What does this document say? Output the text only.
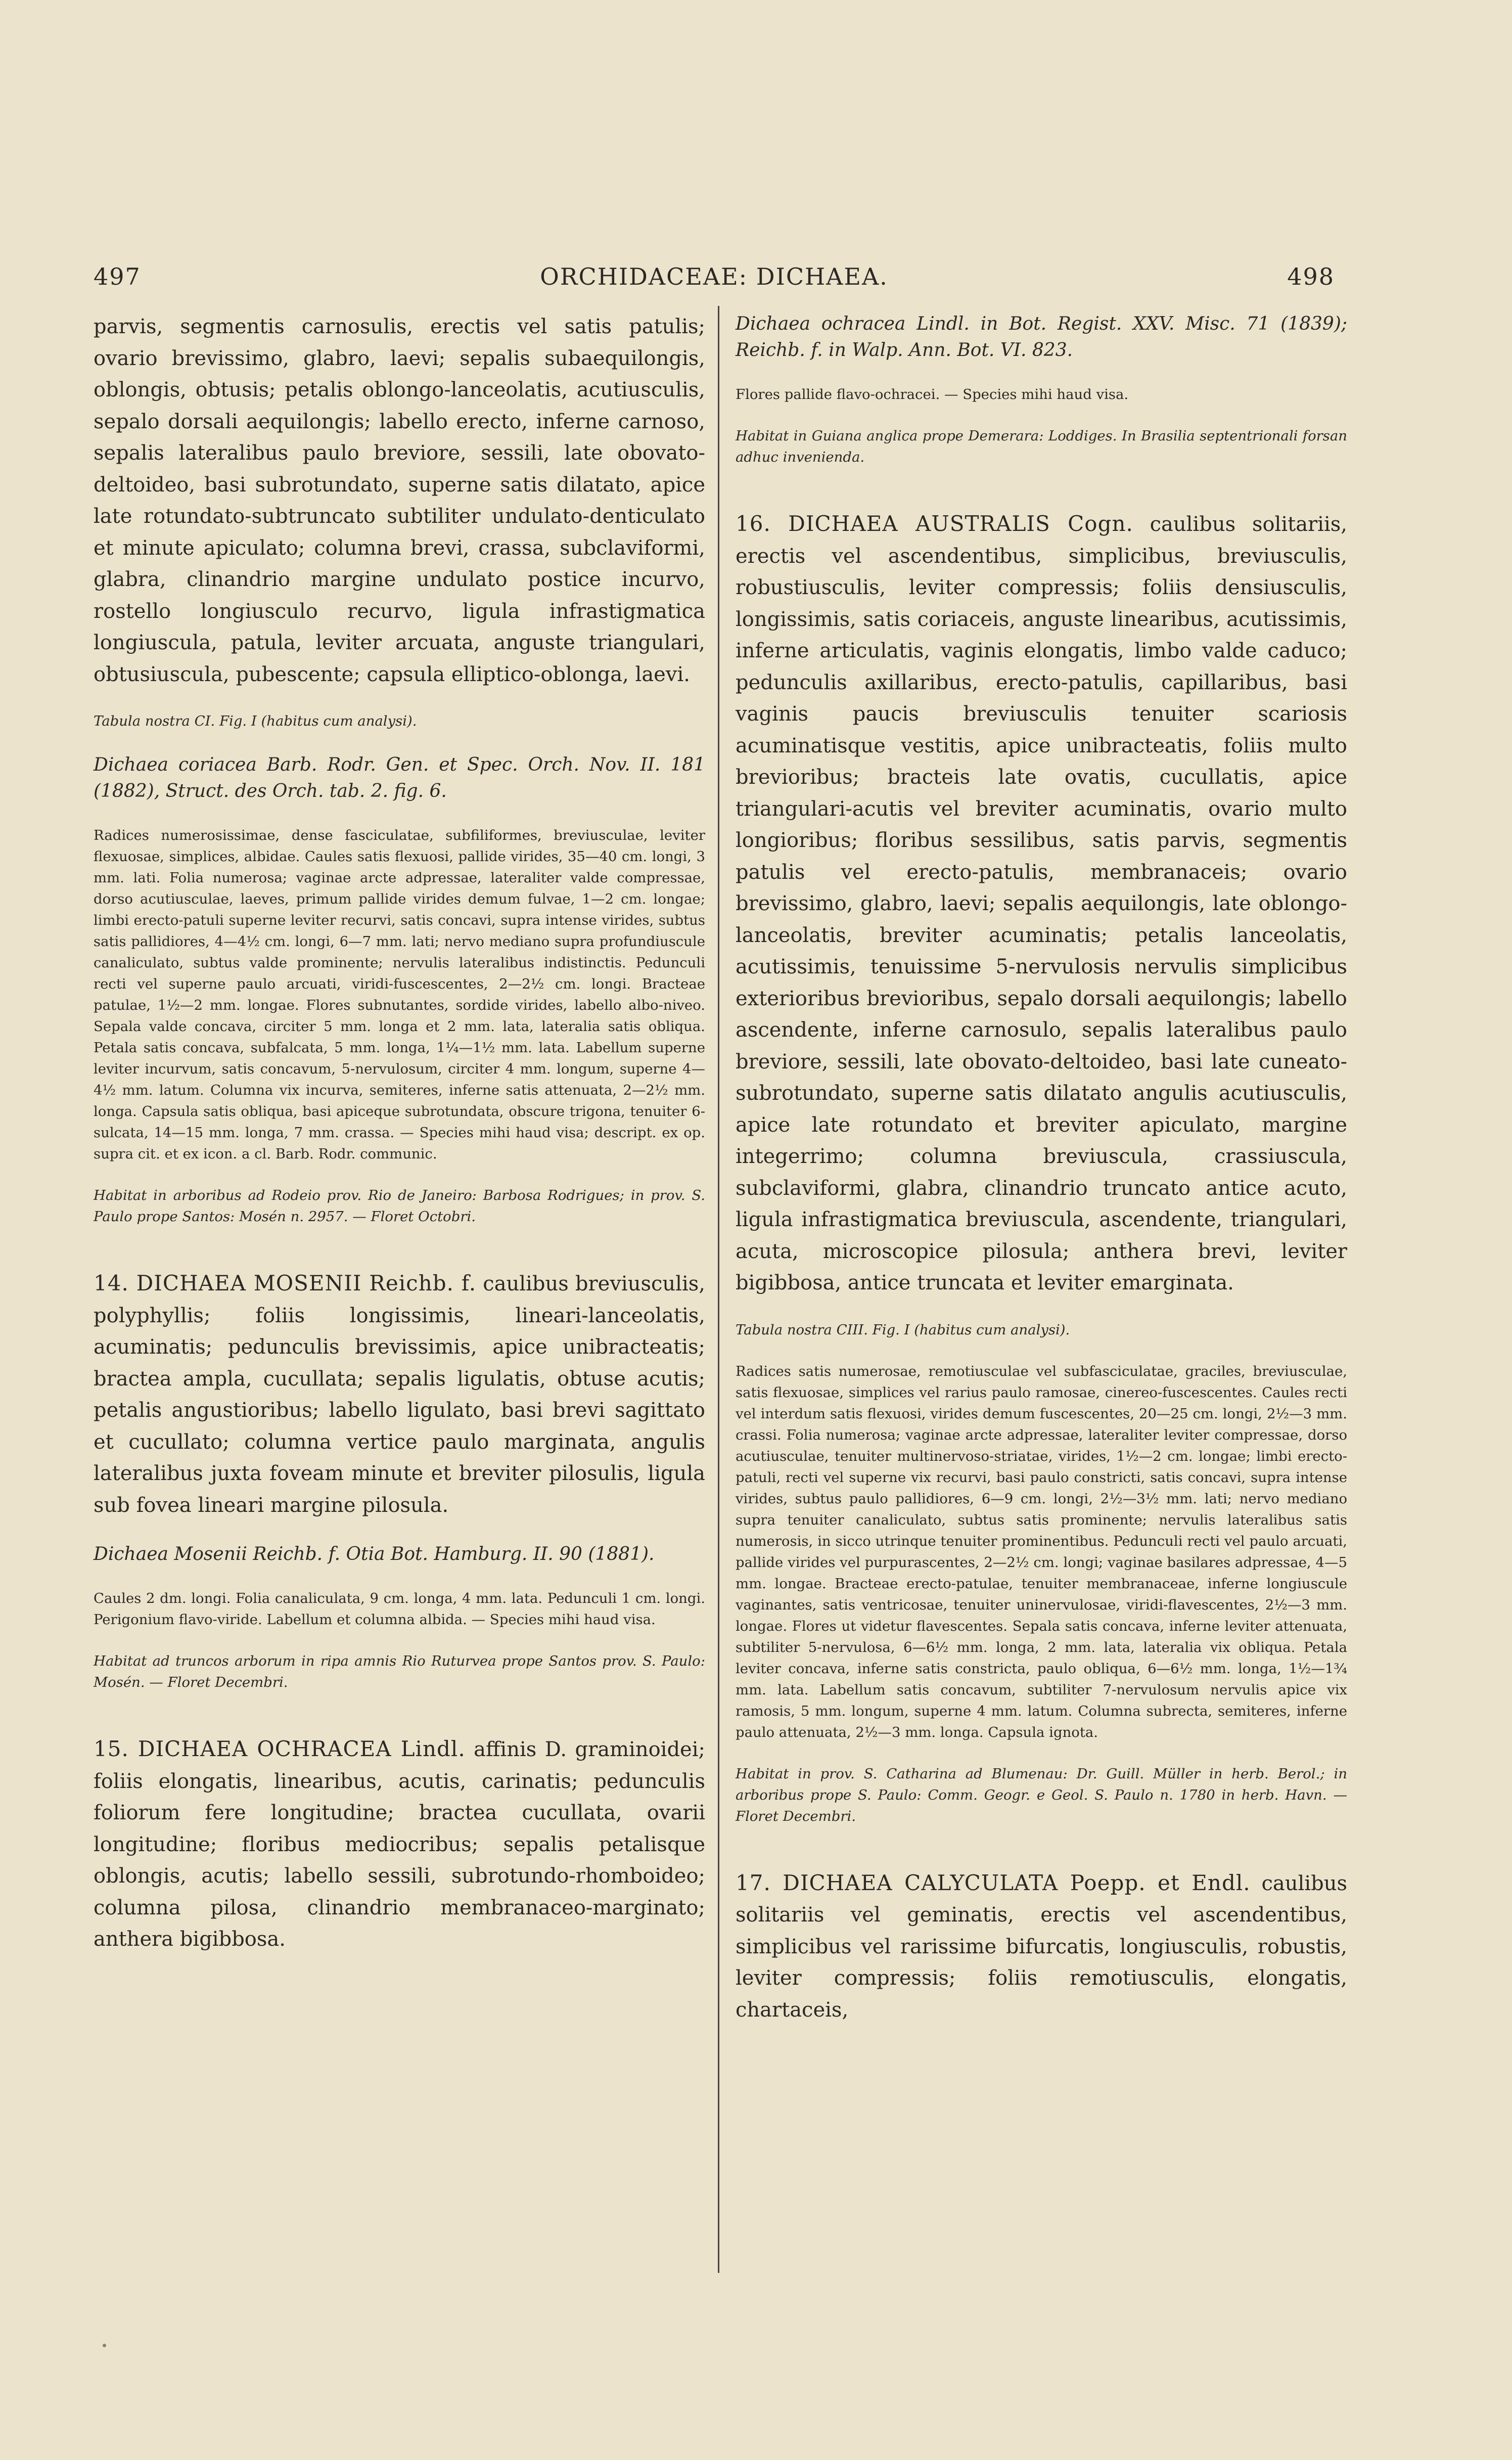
497	ORCHIDACEAE: DICHAEA.	498

parvis, segmentis carnosulis, erectis vel satis patulis; ovario brevissimo, glabro, laevi; sepalis subaequilongis, oblongis, obtusis; petalis oblongo-lanceolatis, acutiusculis, sepalo dorsali aequilongis; labello erecto, inferne carnoso, sepalis lateralibus paulo breviore, sessili, late obovato-deltoideo, basi subrotundato, superne satis dilatato, apice late rotundato-subtruncato subtiliter undulato-denticulato et minute apiculato; columna brevi, crassa, subclaviformi, glabra, clinandrio margine undulato postice incurvo, rostello longiusculo recurvo, ligula infrastigmatica longiuscula, patula, leviter arcuata, anguste triangulari, obtusiuscula, pubescente; capsula elliptico-oblonga, laevi.

Tabula nostra CI. Fig. I (habitus cum analysi).

Dichaea coriacea Barb. Rodr. Gen. et Spec. Orch. Nov. II. 181 (1882), Struct. des Orch. tab. 2. fig. 6.

Radices numerosissimae, dense fasciculatae, subfiliformes, breviusculae, leviter flexuosae, simplices, albidae. Caules satis flexuosi, pallide virides, 35—40 cm. longi, 3 mm. lati. Folia numerosa; vaginae arcte adpressae, lateraliter valde compressae, dorso acutiusculae, laeves, primum pallide virides demum fulvae, 1—2 cm. longae; limbi erecto-patuli superne leviter recurvi, satis concavi, supra intense virides, subtus satis pallidiores, 4—4½ cm. longi, 6—7 mm. lati; nervo mediano supra profundiuscule canaliculato, subtus valde prominente; nervulis lateralibus indistinctis. Pedunculi recti vel superne paulo arcuati, viridi-fuscescentes, 2—2½ cm. longi. Bracteae patulae, 1½—2 mm. longae. Flores subnutantes, sordide virides, labello albo-niveo. Sepala valde concava, circiter 5 mm. longa et 2 mm. lata, lateralia satis obliqua. Petala satis concava, subfalcata, 5 mm. longa, 1¼—1½ mm. lata. Labellum superne leviter incurvum, satis concavum, 5-nervulosum, circiter 4 mm. longum, superne 4—4½ mm. latum. Columna vix incurva, semiteres, inferne satis attenuata, 2—2½ mm. longa. Capsula satis obliqua, basi apiceque subrotundata, obscure trigona, tenuiter 6-sulcata, 14—15 mm. longa, 7 mm. crassa. — Species mihi haud visa; descript. ex op. supra cit. et ex icon. a cl. Barb. Rodr. communic.

Habitat in arboribus ad Rodeio prov. Rio de Janeiro: Barbosa Rodrigues; in prov. S. Paulo prope Santos: Mosén n. 2957. — Floret Octobri.

14. DICHAEA MOSENII Reichb. f. caulibus breviusculis, polyphyllis; foliis longissimis, lineari-lanceolatis, acuminatis; pedunculis brevissimis, apice unibracteatis; bractea ampla, cucullata; sepalis ligulatis, obtuse acutis; petalis angustioribus; labello ligulato, basi brevi sagittato et cucullato; columna vertice paulo marginata, angulis lateralibus juxta foveam minute et breviter pilosulis, ligula sub fovea lineari margine pilosula.

Dichaea Mosenii Reichb. f. Otia Bot. Hamburg. II. 90 (1881).

Caules 2 dm. longi. Folia canaliculata, 9 cm. longa, 4 mm. lata. Pedunculi 1 cm. longi. Perigonium flavo-viride. Labellum et columna albida. — Species mihi haud visa.

Habitat ad truncos arborum in ripa amnis Rio Ruturvea prope Santos prov. S. Paulo: Mosén. — Floret Decembri.

15. DICHAEA OCHRACEA Lindl. affinis D. graminoidei; foliis elongatis, linearibus, acutis, carinatis; pedunculis foliorum fere longitudine; bractea cucullata, ovarii longitudine; floribus mediocribus; sepalis petalisque oblongis, acutis; labello sessili, subrotundo-rhomboideo; columna pilosa, clinandrio membranaceo-marginato; anthera bigibbosa.

Dichaea ochracea Lindl. in Bot. Regist. XXV. Misc. 71 (1839); Reichb. f. in Walp. Ann. Bot. VI. 823.

Flores pallide flavo-ochracei. — Species mihi haud visa.

Habitat in Guiana anglica prope Demerara: Loddiges. In Brasilia septentrionali forsan adhuc invenienda.

16. DICHAEA AUSTRALIS Cogn. caulibus solitariis, erectis vel ascendentibus, simplicibus, breviusculis, robustiusculis, leviter compressis; foliis densiusculis, longissimis, satis coriaceis, anguste linearibus, acutissimis, inferne articulatis, vaginis elongatis, limbo valde caduco; pedunculis axillaribus, erecto-patulis, capillaribus, basi vaginis paucis breviusculis tenuiter scariosis acuminatisque vestitis, apice unibracteatis, foliis multo brevioribus; bracteis late ovatis, cucullatis, apice triangulari-acutis vel breviter acuminatis, ovario multo longioribus; floribus sessilibus, satis parvis, segmentis patulis vel erecto-patulis, membranaceis; ovario brevissimo, glabro, laevi; sepalis aequilongis, late oblongo-lanceolatis, breviter acuminatis; petalis lanceolatis, acutissimis, tenuissime 5-nervulosis nervulis simplicibus exterioribus brevioribus, sepalo dorsali aequilongis; labello ascendente, inferne carnosulo, sepalis lateralibus paulo breviore, sessili, late obovato-deltoideo, basi late cuneato-subrotundato, superne satis dilatato angulis acutiusculis, apice late rotundato et breviter apiculato, margine integerrimo; columna breviuscula, crassiuscula, subclaviformi, glabra, clinandrio truncato antice acuto, ligula infrastigmatica breviuscula, ascendente, triangulari, acuta, microscopice pilosula; anthera brevi, leviter bigibbosa, antice truncata et leviter emarginata.

Tabula nostra CIII. Fig. I (habitus cum analysi).

Radices satis numerosae, remotiusculae vel subfasciculatae, graciles, breviusculae, satis flexuosae, simplices vel rarius paulo ramosae, cinereo-fuscescentes. Caules recti vel interdum satis flexuosi, virides demum fuscescentes, 20—25 cm. longi, 2½—3 mm. crassi. Folia numerosa; vaginae arcte adpressae, lateraliter leviter compressae, dorso acutiusculae, tenuiter multinervoso-striatae, virides, 1½—2 cm. longae; limbi erecto-patuli, recti vel superne vix recurvi, basi paulo constricti, satis concavi, supra intense virides, subtus paulo pallidiores, 6—9 cm. longi, 2½—3½ mm. lati; nervo mediano supra tenuiter canaliculato, subtus satis prominente; nervulis lateralibus satis numerosis, in sicco utrinque tenuiter prominentibus. Pedunculi recti vel paulo arcuati, pallide virides vel purpurascentes, 2—2½ cm. longi; vaginae basilares adpressae, 4—5 mm. longae. Bracteae erecto-patulae, tenuiter membranaceae, inferne longiuscule vaginantes, satis ventricosae, tenuiter uninervulosae, viridi-flavescentes, 2½—3 mm. longae. Flores ut videtur flavescentes. Sepala satis concava, inferne leviter attenuata, subtiliter 5-nervulosa, 6—6½ mm. longa, 2 mm. lata, lateralia vix obliqua. Petala leviter concava, inferne satis constricta, paulo obliqua, 6—6½ mm. longa, 1½—1¾ mm. lata. Labellum satis concavum, subtiliter 7-nervulosum nervulis apice vix ramosis, 5 mm. longum, superne 4 mm. latum. Columna subrecta, semiteres, inferne paulo attenuata, 2½—3 mm. longa. Capsula ignota.

Habitat in prov. S. Catharina ad Blumenau: Dr. Guill. Müller in herb. Berol.; in arboribus prope S. Paulo: Comm. Geogr. e Geol. S. Paulo n. 1780 in herb. Havn. — Floret Decembri.

17. DICHAEA CALYCULATA Poepp. et Endl. caulibus solitariis vel geminatis, erectis vel ascendentibus, simplicibus vel rarissime bifurcatis, longiusculis, robustis, leviter compressis; foliis remotiusculis, elongatis, chartaceis,
